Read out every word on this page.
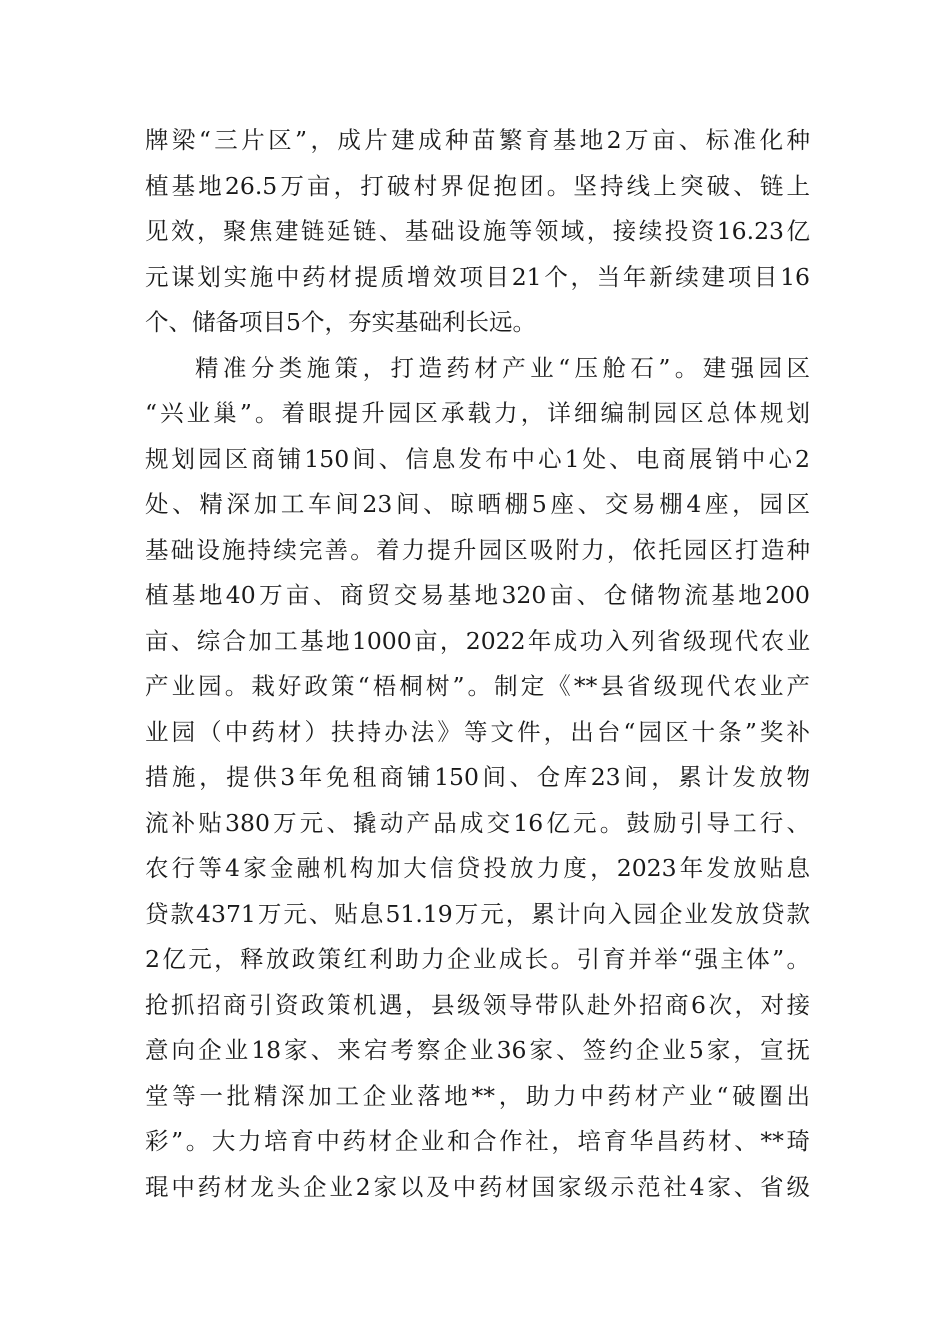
牌梁“三片区”，成片建成种苗繁育基地2万亩、标准化种
植基地26.5万亩，打破村界促抱团。坚持线上突破、链上
见效，聚焦建链延链、基础设施等领域，接续投资16.23亿
元谋划实施中药材提质增效项目21个，当年新续建项目16
个、储备项目5个，夯实基础利长远。
精准分类施策，打造药材产业“压舱石”。建强园区
“兴业巢”。着眼提升园区承载力，详细编制园区总体规划
规划园区商铺150间、信息发布中心1处、电商展销中心2
处、精深加工车间23间、晾晒棚5座、交易棚4座，园区
基础设施持续完善。着力提升园区吸附力，依托园区打造种
植基地40万亩、商贸交易基地320亩、仓储物流基地200
亩、综合加工基地1000亩，2022年成功入列省级现代农业
产业园。栽好政策“梧桐树”。制定《**县省级现代农业产
业园（中药材）扶持办法》等文件，出台“园区十条”奖补
措施，提供3年免租商铺150间、仓库23间，累计发放物
流补贴380万元、撬动产品成交16亿元。鼓励引导工行、
农行等4家金融机构加大信贷投放力度，2023年发放贴息
贷款4371万元、贴息51.19万元，累计向入园企业发放贷款
2亿元，释放政策红利助力企业成长。引育并举“强主体”。
抢抓招商引资政策机遇，县级领导带队赴外招商6次，对接
意向企业18家、来宕考察企业36家、签约企业5家，宣抚
堂等一批精深加工企业落地**，助力中药材产业“破圈出
彩”。大力培育中药材企业和合作社，培育华昌药材、**琦
琨中药材龙头企业2家以及中药材国家级示范社4家、省级
